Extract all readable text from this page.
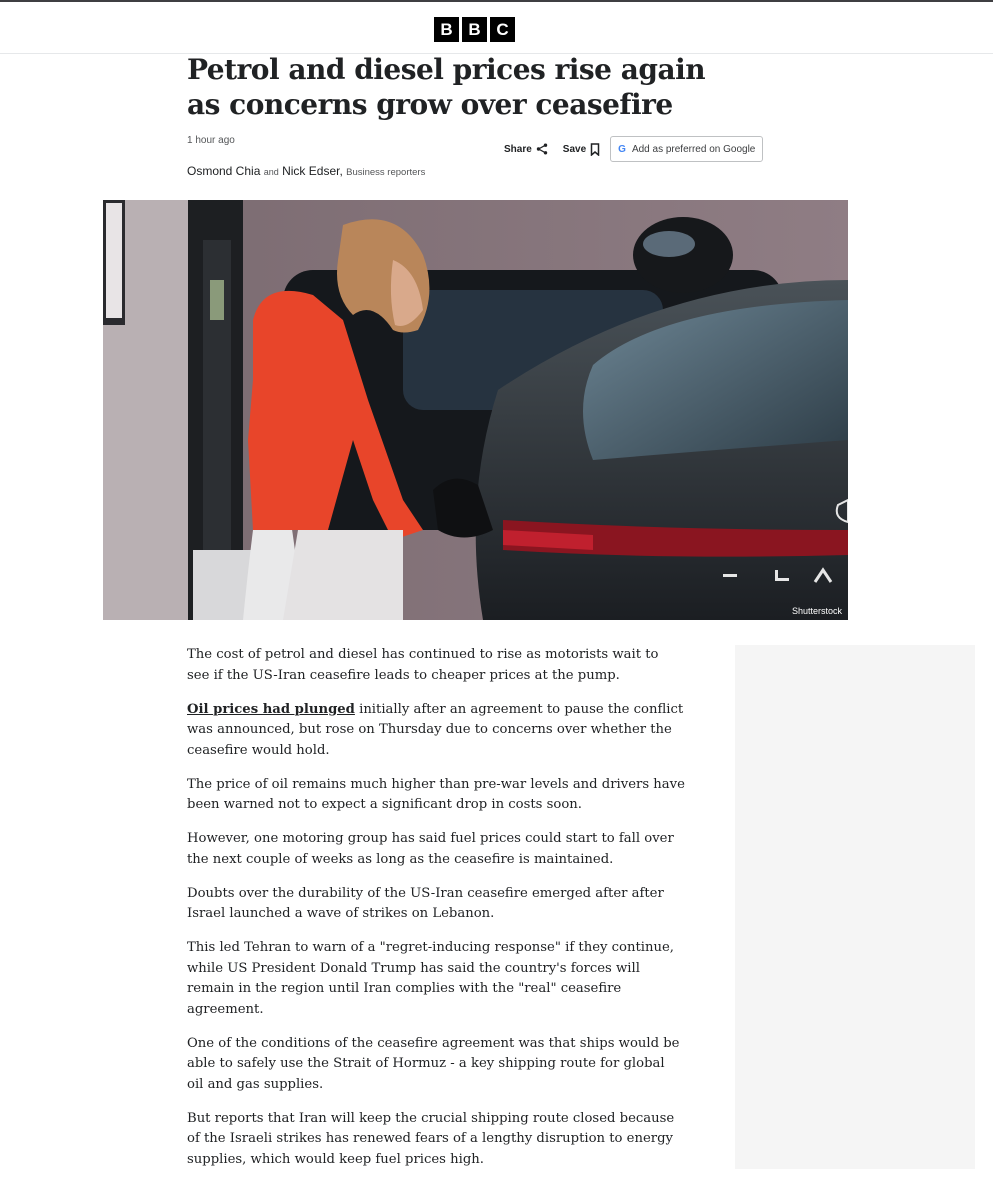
B B C
Petrol and diesel prices rise again as concerns grow over ceasefire
1 hour ago
Share	Save	G Add as preferred on Google
Osmond Chia and Nick Edser, Business reporters
Shutterstock

The cost of petrol and diesel has continued to rise as motorists wait to see if the US-Iran ceasefire leads to cheaper prices at the pump.

Oil prices had plunged initially after an agreement to pause the conflict was announced, but rose on Thursday due to concerns over whether the ceasefire would hold.

The price of oil remains much higher than pre-war levels and drivers have been warned not to expect a significant drop in costs soon.

However, one motoring group has said fuel prices could start to fall over the next couple of weeks as long as the ceasefire is maintained.

Doubts over the durability of the US-Iran ceasefire emerged after after Israel launched a wave of strikes on Lebanon.

This led Tehran to warn of a "regret-inducing response" if they continue, while US President Donald Trump has said the country's forces will remain in the region until Iran complies with the "real" ceasefire agreement.

One of the conditions of the ceasefire agreement was that ships would be able to safely use the Strait of Hormuz - a key shipping route for global oil and gas supplies.

But reports that Iran will keep the crucial shipping route closed because of the Israeli strikes has renewed fears of a lengthy disruption to energy supplies, which would keep fuel prices high.
